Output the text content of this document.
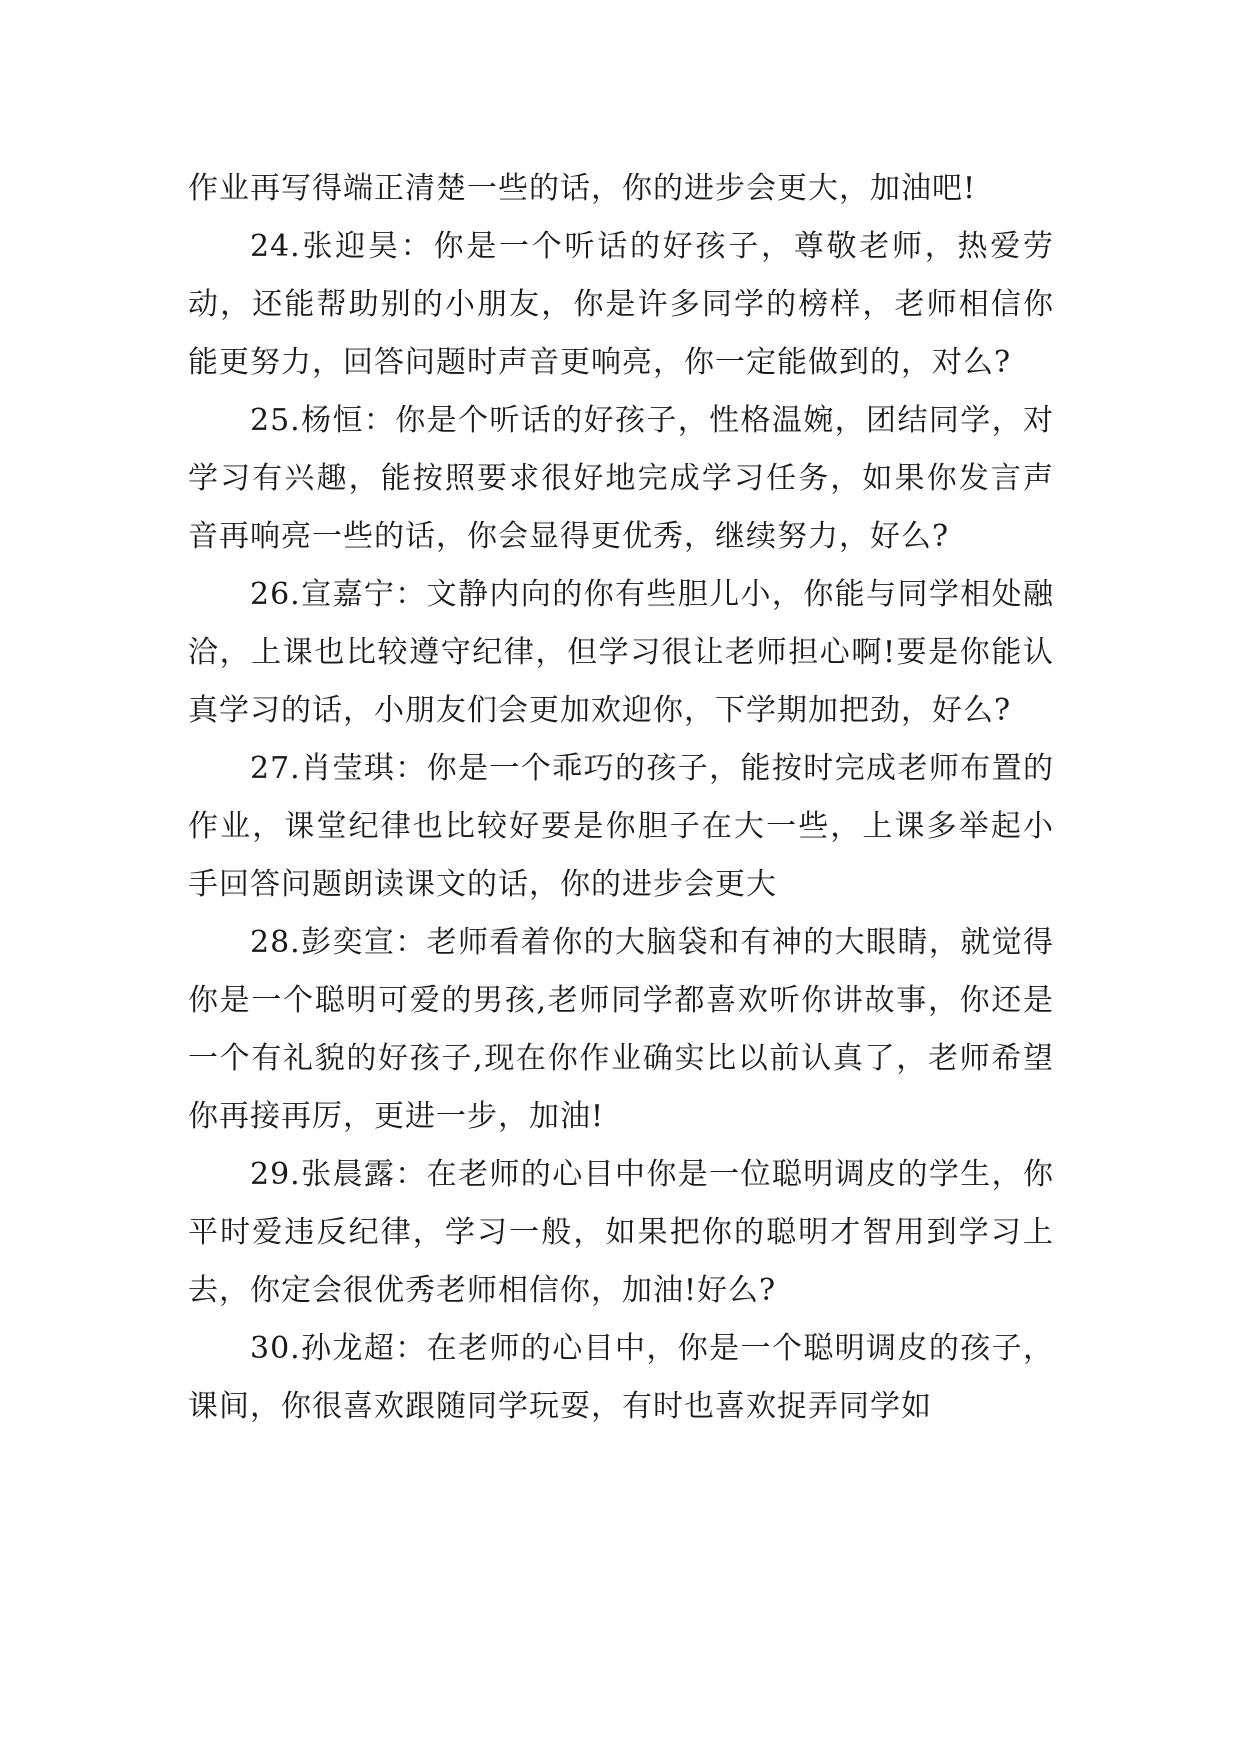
作业再写得端正清楚一些的话，你的进步会更大，加油吧!

24.张迎昊：你是一个听话的好孩子，尊敬老师，热爱劳动，还能帮助别的小朋友，你是许多同学的榜样，老师相信你能更努力，回答问题时声音更响亮，你一定能做到的，对么?

25.杨恒：你是个听话的好孩子，性格温婉，团结同学，对学习有兴趣，能按照要求很好地完成学习任务，如果你发言声音再响亮一些的话，你会显得更优秀，继续努力，好么?

26.宣嘉宁：文静内向的你有些胆儿小，你能与同学相处融洽，上课也比较遵守纪律，但学习很让老师担心啊!要是你能认真学习的话，小朋友们会更加欢迎你，下学期加把劲，好么?

27.肖莹琪：你是一个乖巧的孩子，能按时完成老师布置的作业，课堂纪律也比较好要是你胆子在大一些，上课多举起小手回答问题朗读课文的话，你的进步会更大

28.彭奕宣：老师看着你的大脑袋和有神的大眼睛，就觉得你是一个聪明可爱的男孩,老师同学都喜欢听你讲故事，你还是一个有礼貌的好孩子,现在你作业确实比以前认真了，老师希望你再接再厉，更进一步，加油!

29.张晨露：在老师的心目中你是一位聪明调皮的学生，你平时爱违反纪律，学习一般，如果把你的聪明才智用到学习上去，你定会很优秀老师相信你，加油!好么?

30.孙龙超：在老师的心目中，你是一个聪明调皮的孩子，课间，你很喜欢跟随同学玩耍，有时也喜欢捉弄同学如
